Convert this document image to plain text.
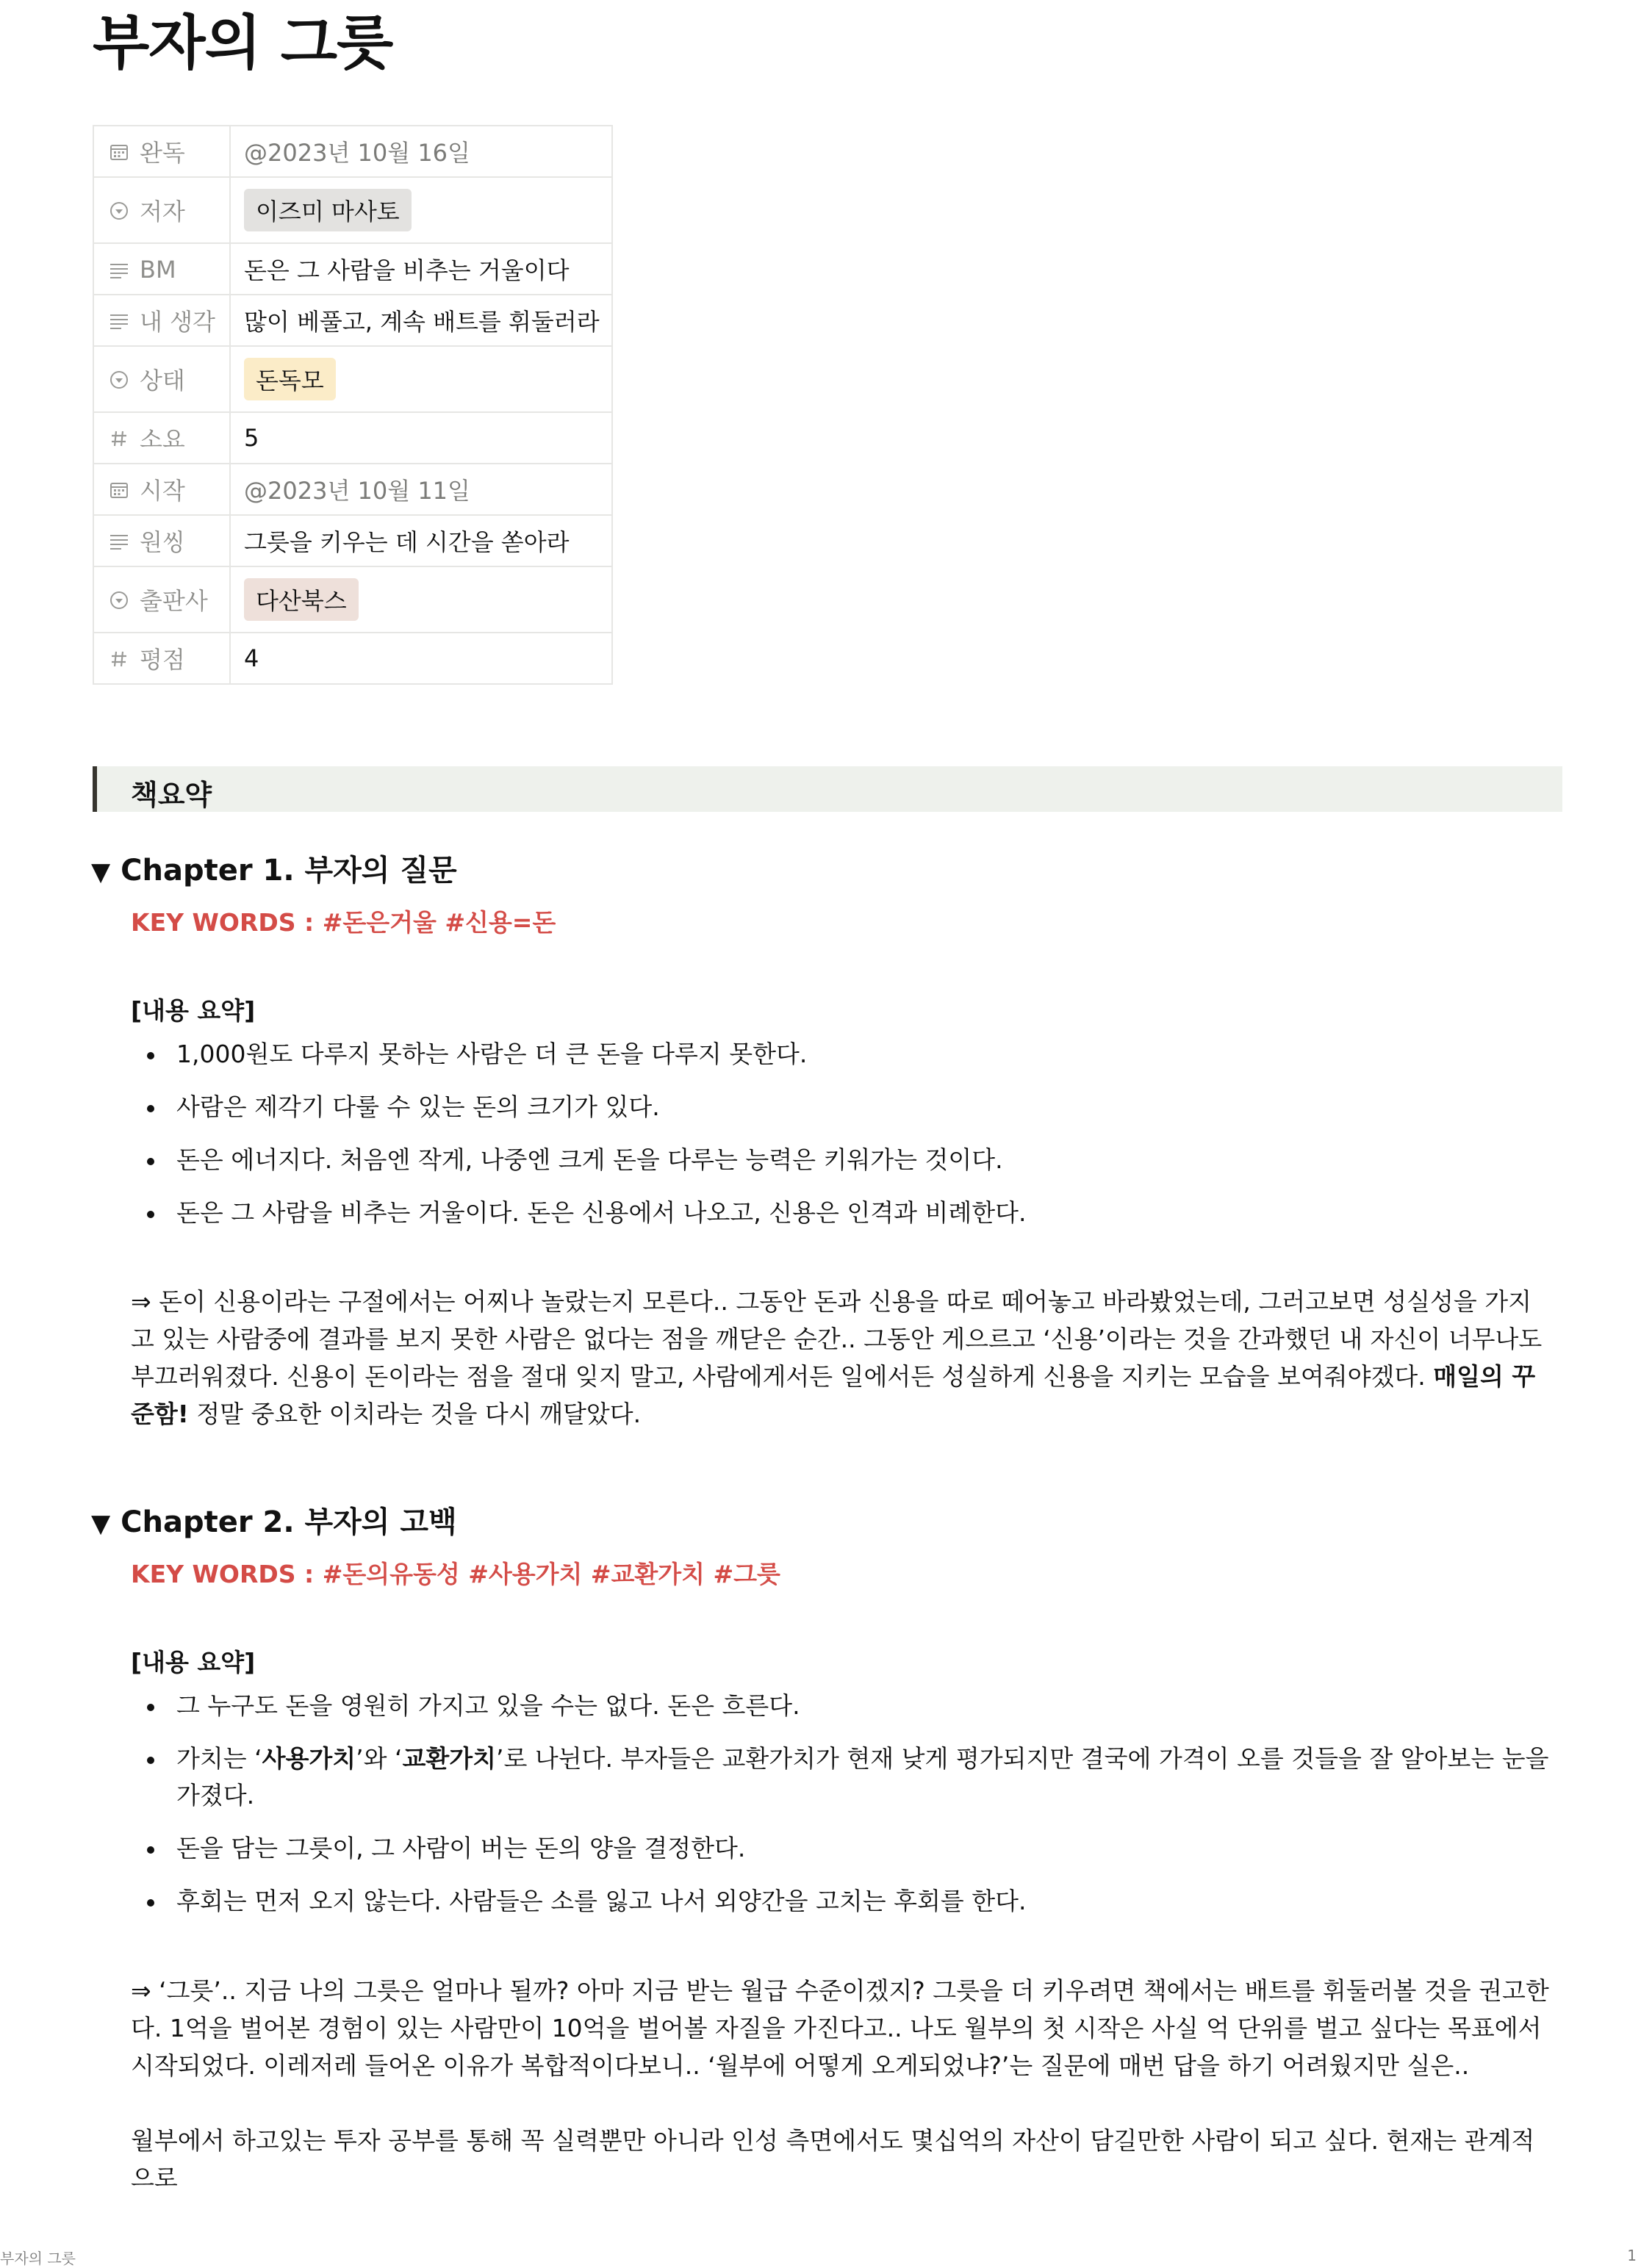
부자의 그릇
완독	@2023년 10월 16일
저자	이즈미 마사토
BM	돈은 그 사람을 비추는 거울이다
내 생각	많이 베풀고, 계속 배트를 휘둘러라
상태	돈독모
소요	5
시작	@2023년 10월 11일
원씽	그릇을 키우는 데 시간을 쏟아라
출판사	다산북스
평점	4
책요약
▼ Chapter 1. 부자의 질문
KEY WORDS : #돈은거울 #신용=돈
[내용 요약]
1,000원도 다루지 못하는 사람은 더 큰 돈을 다루지 못한다.
사람은 제각기 다룰 수 있는 돈의 크기가 있다.
돈은 에너지다. 처음엔 작게, 나중엔 크게 돈을 다루는 능력은 키워가는 것이다.
돈은 그 사람을 비추는 거울이다. 돈은 신용에서 나오고, 신용은 인격과 비례한다.

⇒ 돈이 신용이라는 구절에서는 어찌나 놀랐는지 모른다.. 그동안 돈과 신용을 따로 떼어놓고 바라봤었는데, 그러고보면 성실성을 가지고 있는 사람중에 결과를 보지 못한 사람은 없다는 점을 깨닫은 순간.. 그동안 게으르고 ‘신용’이라는 것을 간과했던 내 자신이 너무나도 부끄러워졌다. 신용이 돈이라는 점을 절대 잊지 말고, 사람에게서든 일에서든 성실하게 신용을 지키는 모습을 보여줘야겠다. 매일의 꾸준함! 정말 중요한 이치라는 것을 다시 깨달았다.

▼ Chapter 2. 부자의 고백
KEY WORDS : #돈의유동성 #사용가치 #교환가치 #그릇
[내용 요약]
그 누구도 돈을 영원히 가지고 있을 수는 없다. 돈은 흐른다.
가치는 ‘사용가치’와 ‘교환가치’로 나뉜다. 부자들은 교환가치가 현재 낮게 평가되지만 결국에 가격이 오를 것들을 잘 알아보는 눈을 가졌다.
돈을 담는 그릇이, 그 사람이 버는 돈의 양을 결정한다.
후회는 먼저 오지 않는다. 사람들은 소를 잃고 나서 외양간을 고치는 후회를 한다.

⇒ ‘그릇’.. 지금 나의 그릇은 얼마나 될까? 아마 지금 받는 월급 수준이겠지? 그릇을 더 키우려면 책에서는 배트를 휘둘러볼 것을 권고한다. 1억을 벌어본 경험이 있는 사람만이 10억을 벌어볼 자질을 가진다고.. 나도 월부의 첫 시작은 사실 억 단위를 벌고 싶다는 목표에서 시작되었다. 이레저레 들어온 이유가 복합적이다보니.. ‘월부에 어떻게 오게되었냐?’는 질문에 매번 답을 하기 어려웠지만 실은..

월부에서 하고있는 투자 공부를 통해 꼭 실력뿐만 아니라 인성 측면에서도 몇십억의 자산이 담길만한 사람이 되고 싶다. 현재는 관계적으로

부자의 그릇	1
